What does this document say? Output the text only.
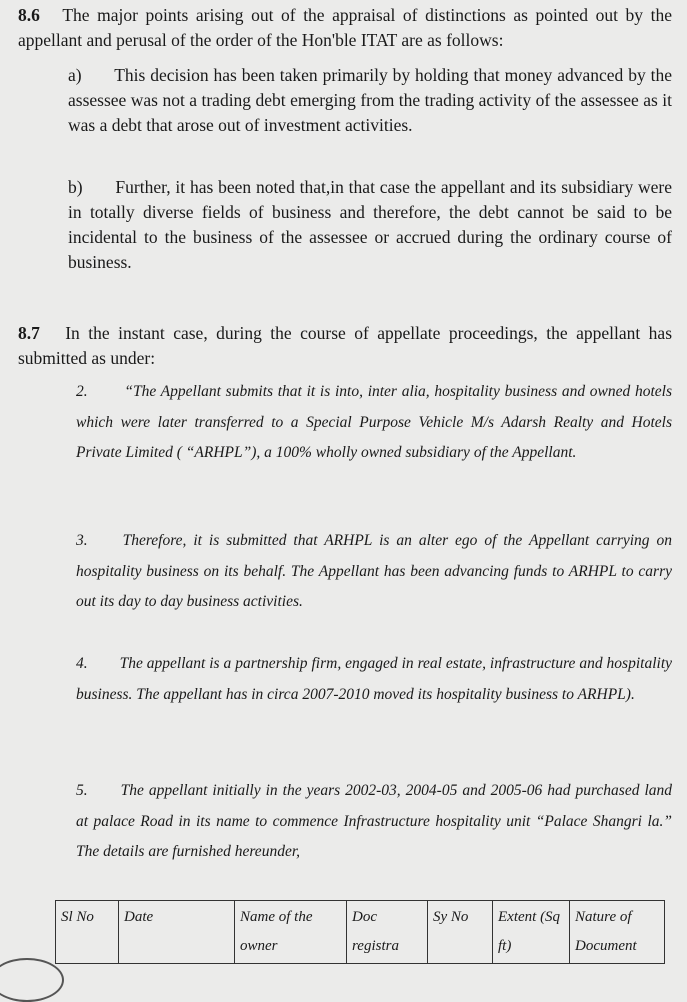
8.6 The major points arising out of the appraisal of distinctions as pointed out by the appellant and perusal of the order of the Hon'ble ITAT are as follows:
a) This decision has been taken primarily by holding that money advanced by the assessee was not a trading debt emerging from the trading activity of the assessee as it was a debt that arose out of investment activities.
b) Further, it has been noted that,in that case the appellant and its subsidiary were in totally diverse fields of business and therefore, the debt cannot be said to be incidental to the business of the assessee or accrued during the ordinary course of business.
8.7 In the instant case, during the course of appellate proceedings, the appellant has submitted as under:
2. “The Appellant submits that it is into, inter alia, hospitality business and owned hotels which were later transferred to a Special Purpose Vehicle M/s Adarsh Realty and Hotels Private Limited ( “ARHPL”), a 100% wholly owned subsidiary of the Appellant.
3. Therefore, it is submitted that ARHPL is an alter ego of the Appellant carrying on hospitality business on its behalf. The Appellant has been advancing funds to ARHPL to carry out its day to day business activities.
4. The appellant is a partnership firm, engaged in real estate, infrastructure and hospitality business. The appellant has in circa 2007-2010 moved its hospitality business to ARHPL).
5. The appellant initially in the years 2002-03, 2004-05 and 2005-06 had purchased land at palace Road in its name to commence Infrastructure hospitality unit “Palace Shangri la.” The details are furnished hereunder,
Sl No	Date	Name of the owner	Doc registra	Sy No	Extent (Sq ft)	Nature of Document
